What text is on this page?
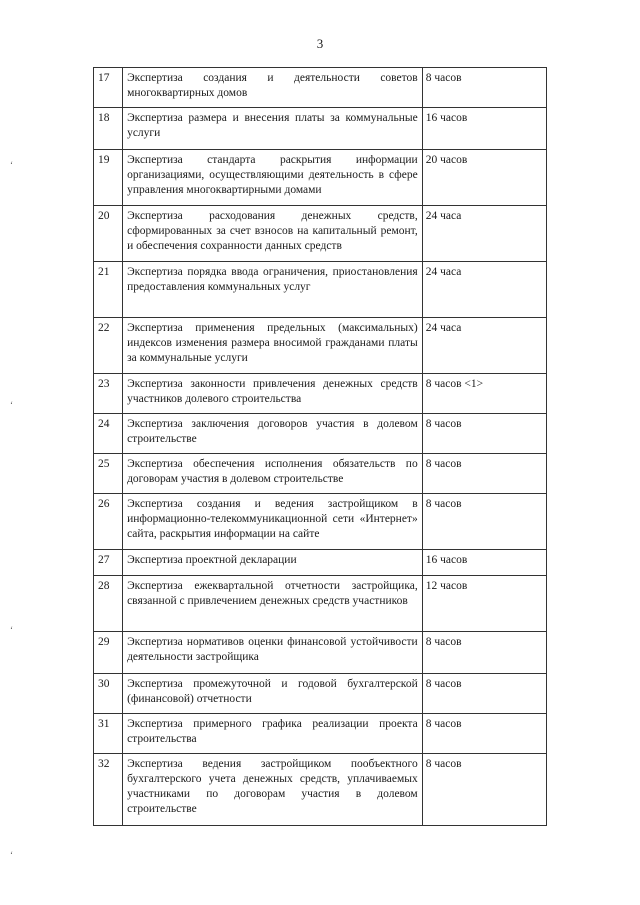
3
‘
‘
‘
‘
17	Экспертиза создания и деятельности советов многоквартирных домов	8 часов
18	Экспертиза размера и внесения платы за коммунальные услуги	16 часов
19	Экспертиза стандарта раскрытия информации организациями, осуществляющими деятельность в сфере управления многоквартирными домами	20 часов
20	Экспертиза расходования денежных средств, сформированных за счет взносов на капитальный ремонт, и обеспечения сохранности данных средств	24 часа
21	Экспертиза порядка ввода ограничения, приостановления предоставления коммунальных услуг	24 часа
22	Экспертиза применения предельных (максимальных) индексов изменения размера вносимой гражданами платы за коммунальные услуги	24 часа
23	Экспертиза законности привлечения денежных средств участников долевого строительства	8 часов <1>
24	Экспертиза заключения договоров участия в долевом строительстве	8 часов
25	Экспертиза обеспечения исполнения обязательств по договорам участия в долевом строительстве	8 часов
26	Экспертиза создания и ведения застройщиком в информационно-телекоммуникационной сети «Интернет» сайта, раскрытия информации на сайте	8 часов
27	Экспертиза проектной декларации	16 часов
28	Экспертиза ежеквартальной отчетности застройщика, связанной с привлечением денежных средств участников	12 часов
29	Экспертиза нормативов оценки финансовой устойчивости деятельности застройщика	8 часов
30	Экспертиза промежуточной и годовой бухгалтерской (финансовой) отчетности	8 часов
31	Экспертиза примерного графика реализации проекта строительства	8 часов
32	Экспертиза ведения застройщиком пообъектного бухгалтерского учета денежных средств, уплачиваемых участниками по договорам участия в долевом строительстве	8 часов
